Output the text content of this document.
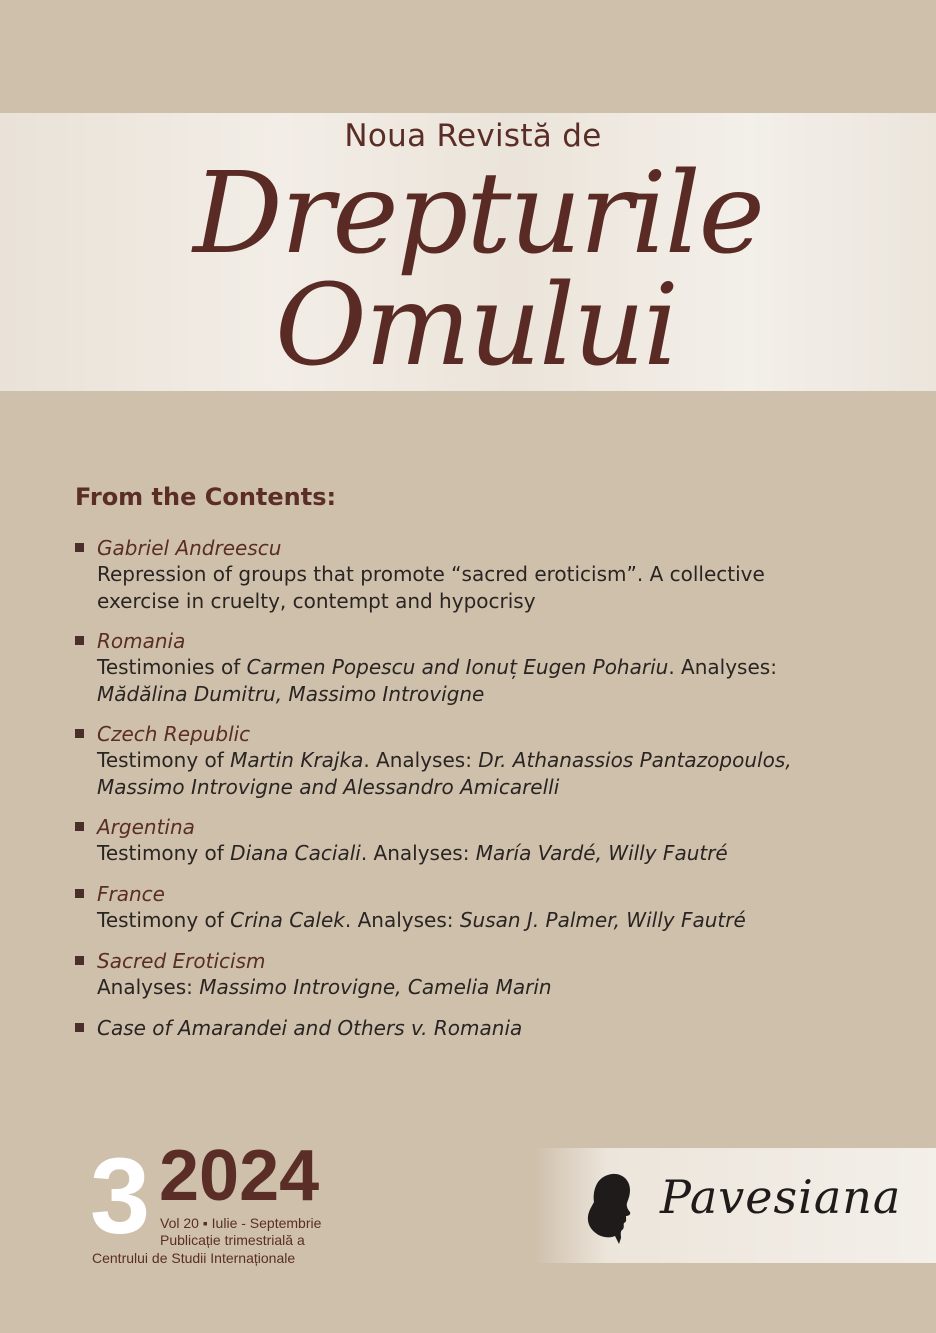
Noua Revistă de
Drepturile
Omului
From the Contents:
Gabriel Andreescu
Repression of groups that promote “sacred eroticism”. A collective
exercise in cruelty, contempt and hypocrisy
Romania
Testimonies of Carmen Popescu and Ionuț Eugen Pohariu. Analyses:
Mădălina Dumitru, Massimo Introvigne
Czech Republic
Testimony of Martin Krajka. Analyses: Dr. Athanassios Pantazopoulos,
Massimo Introvigne and Alessandro Amicarelli
Argentina
Testimony of Diana Caciali. Analyses: María Vardé, Willy Fautré
France
Testimony of Crina Calek. Analyses: Susan J. Palmer, Willy Fautré
Sacred Eroticism
Analyses: Massimo Introvigne, Camelia Marin
Case of Amarandei and Others v. Romania
3 2024
Vol 20 ▪ Iulie - Septembrie
Publicație trimestrială a
Centrului de Studii Internaționale
Pavesiana
